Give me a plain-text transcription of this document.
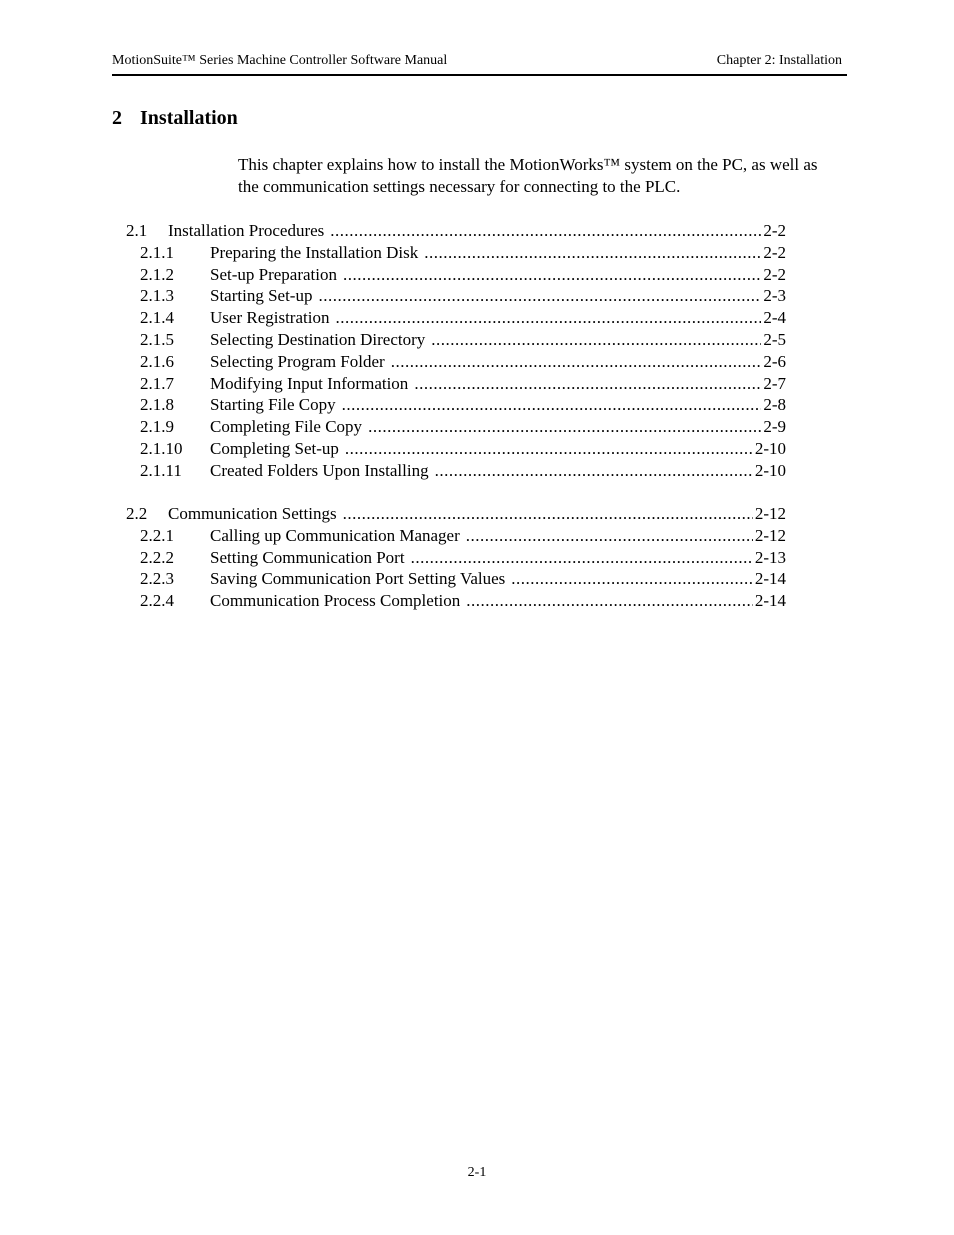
MotionSuite™ Series Machine Controller Software Manual	Chapter 2: Installation
2 Installation
This chapter explains how to install the MotionWorks™ system on the PC, as well as the communication settings necessary for connecting to the PLC.
2.1	Installation Procedures .....	2-2
2.1.1	Preparing the Installation Disk .....	2-2
2.1.2	Set-up Preparation .....	2-2
2.1.3	Starting Set-up .....	2-3
2.1.4	User Registration .....	2-4
2.1.5	Selecting Destination Directory .....	2-5
2.1.6	Selecting Program Folder .....	2-6
2.1.7	Modifying Input Information .....	2-7
2.1.8	Starting File Copy .....	2-8
2.1.9	Completing File Copy .....	2-9
2.1.10	Completing Set-up .....	2-10
2.1.11	Created Folders Upon Installing .....	2-10
2.2	Communication Settings .....	2-12
2.2.1	Calling up Communication Manager .....	2-12
2.2.2	Setting Communication Port .....	2-13
2.2.3	Saving Communication Port Setting Values .....	2-14
2.2.4	Communication Process Completion .....	2-14
2-1
